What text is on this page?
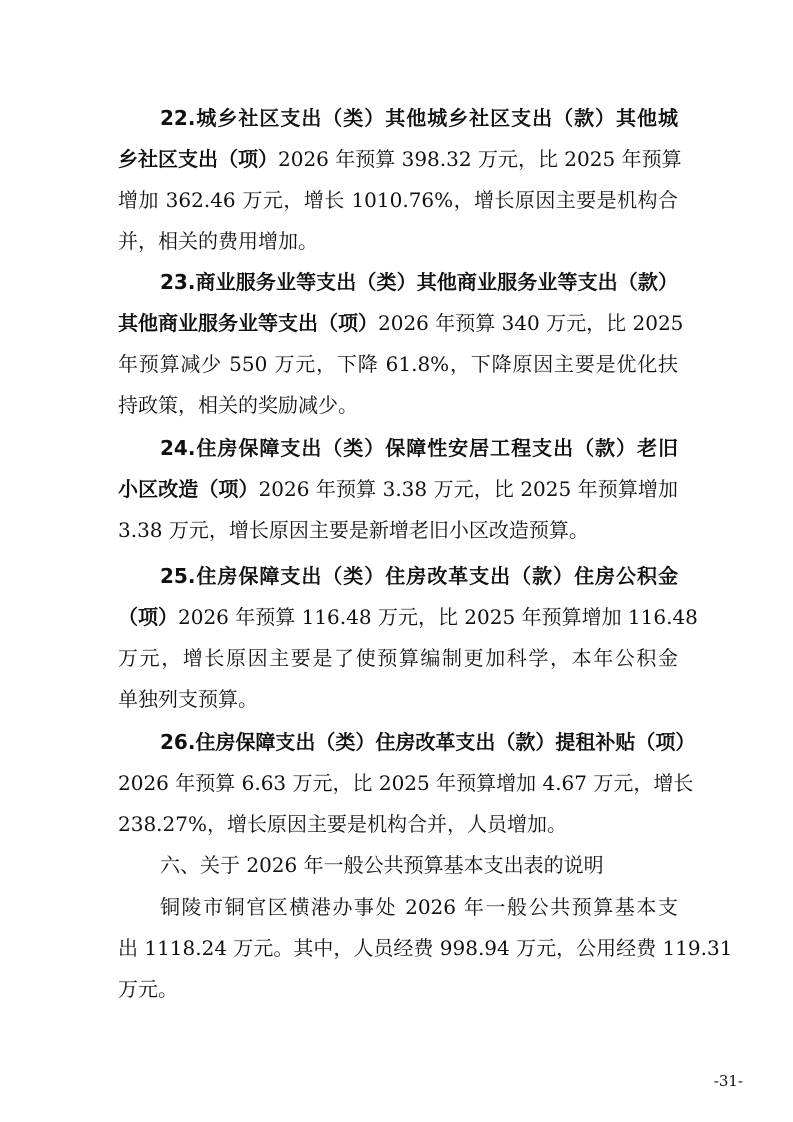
22.城乡社区支出（类）其他城乡社区支出（款）其他城
乡社区支出（项）2026 年预算 398.32 万元，比 2025 年预算
增加 362.46 万元，增长 1010.76%，增长原因主要是机构合
并，相关的费用增加。
23.商业服务业等支出（类）其他商业服务业等支出（款）
其他商业服务业等支出（项）2026 年预算 340 万元，比 2025
年预算减少 550 万元，下降 61.8%，下降原因主要是优化扶
持政策，相关的奖励减少。
24.住房保障支出（类）保障性安居工程支出（款）老旧
小区改造（项）2026 年预算 3.38 万元，比 2025 年预算增加
3.38 万元，增长原因主要是新增老旧小区改造预算。
25.住房保障支出（类）住房改革支出（款）住房公积金
（项）2026 年预算 116.48 万元，比 2025 年预算增加 116.48
万元，增长原因主要是了使预算编制更加科学，本年公积金
单独列支预算。
26.住房保障支出（类）住房改革支出（款）提租补贴（项）
2026 年预算 6.63 万元，比 2025 年预算增加 4.67 万元，增长
238.27%，增长原因主要是机构合并，人员增加。
六、关于 2026 年一般公共预算基本支出表的说明
铜陵市铜官区横港办事处 2026 年一般公共预算基本支
出 1118.24 万元。其中，人员经费 998.94 万元，公用经费 119.31
万元。
-31-
